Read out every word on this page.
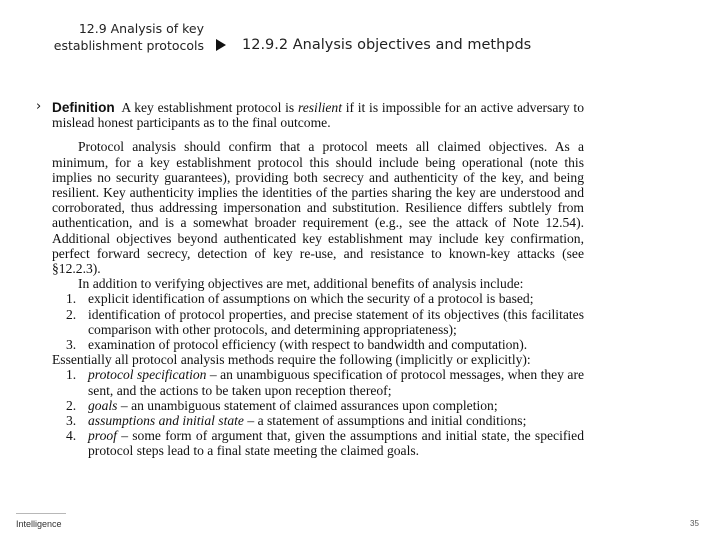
12.9 Analysis of key establishment protocols	12.9.2 Analysis objectives and methpds
› Definition A key establishment protocol is resilient if it is impossible for an active adversary to mislead honest participants as to the final outcome.

Protocol analysis should confirm that a protocol meets all claimed objectives. As a minimum, for a key establishment protocol this should include being operational (note this implies no security guarantees), providing both secrecy and authenticity of the key, and being resilient. Key authenticity implies the identities of the parties sharing the key are understood and corroborated, thus addressing impersonation and substitution. Resilience differs subtlely from authentication, and is a somewhat broader requirement (e.g., see the attack of Note 12.54). Additional objectives beyond authenticated key establishment may include key confirmation, perfect forward secrecy, detection of key re-use, and resistance to known-key attacks (see §12.2.3).

In addition to verifying objectives are met, additional benefits of analysis include:

1. explicit identification of assumptions on which the security of a protocol is based;
2. identification of protocol properties, and precise statement of its objectives (this facilitates comparison with other protocols, and determining appropriateness);
3. examination of protocol efficiency (with respect to bandwidth and computation).

Essentially all protocol analysis methods require the following (implicitly or explicitly):

1. protocol specification – an unambiguous specification of protocol messages, when they are sent, and the actions to be taken upon reception thereof;
2. goals – an unambiguous statement of claimed assurances upon completion;
3. assumptions and initial state – a statement of assumptions and initial conditions;
4. proof – some form of argument that, given the assumptions and initial state, the specified protocol steps lead to a final state meeting the claimed goals.
Intelligence	35
